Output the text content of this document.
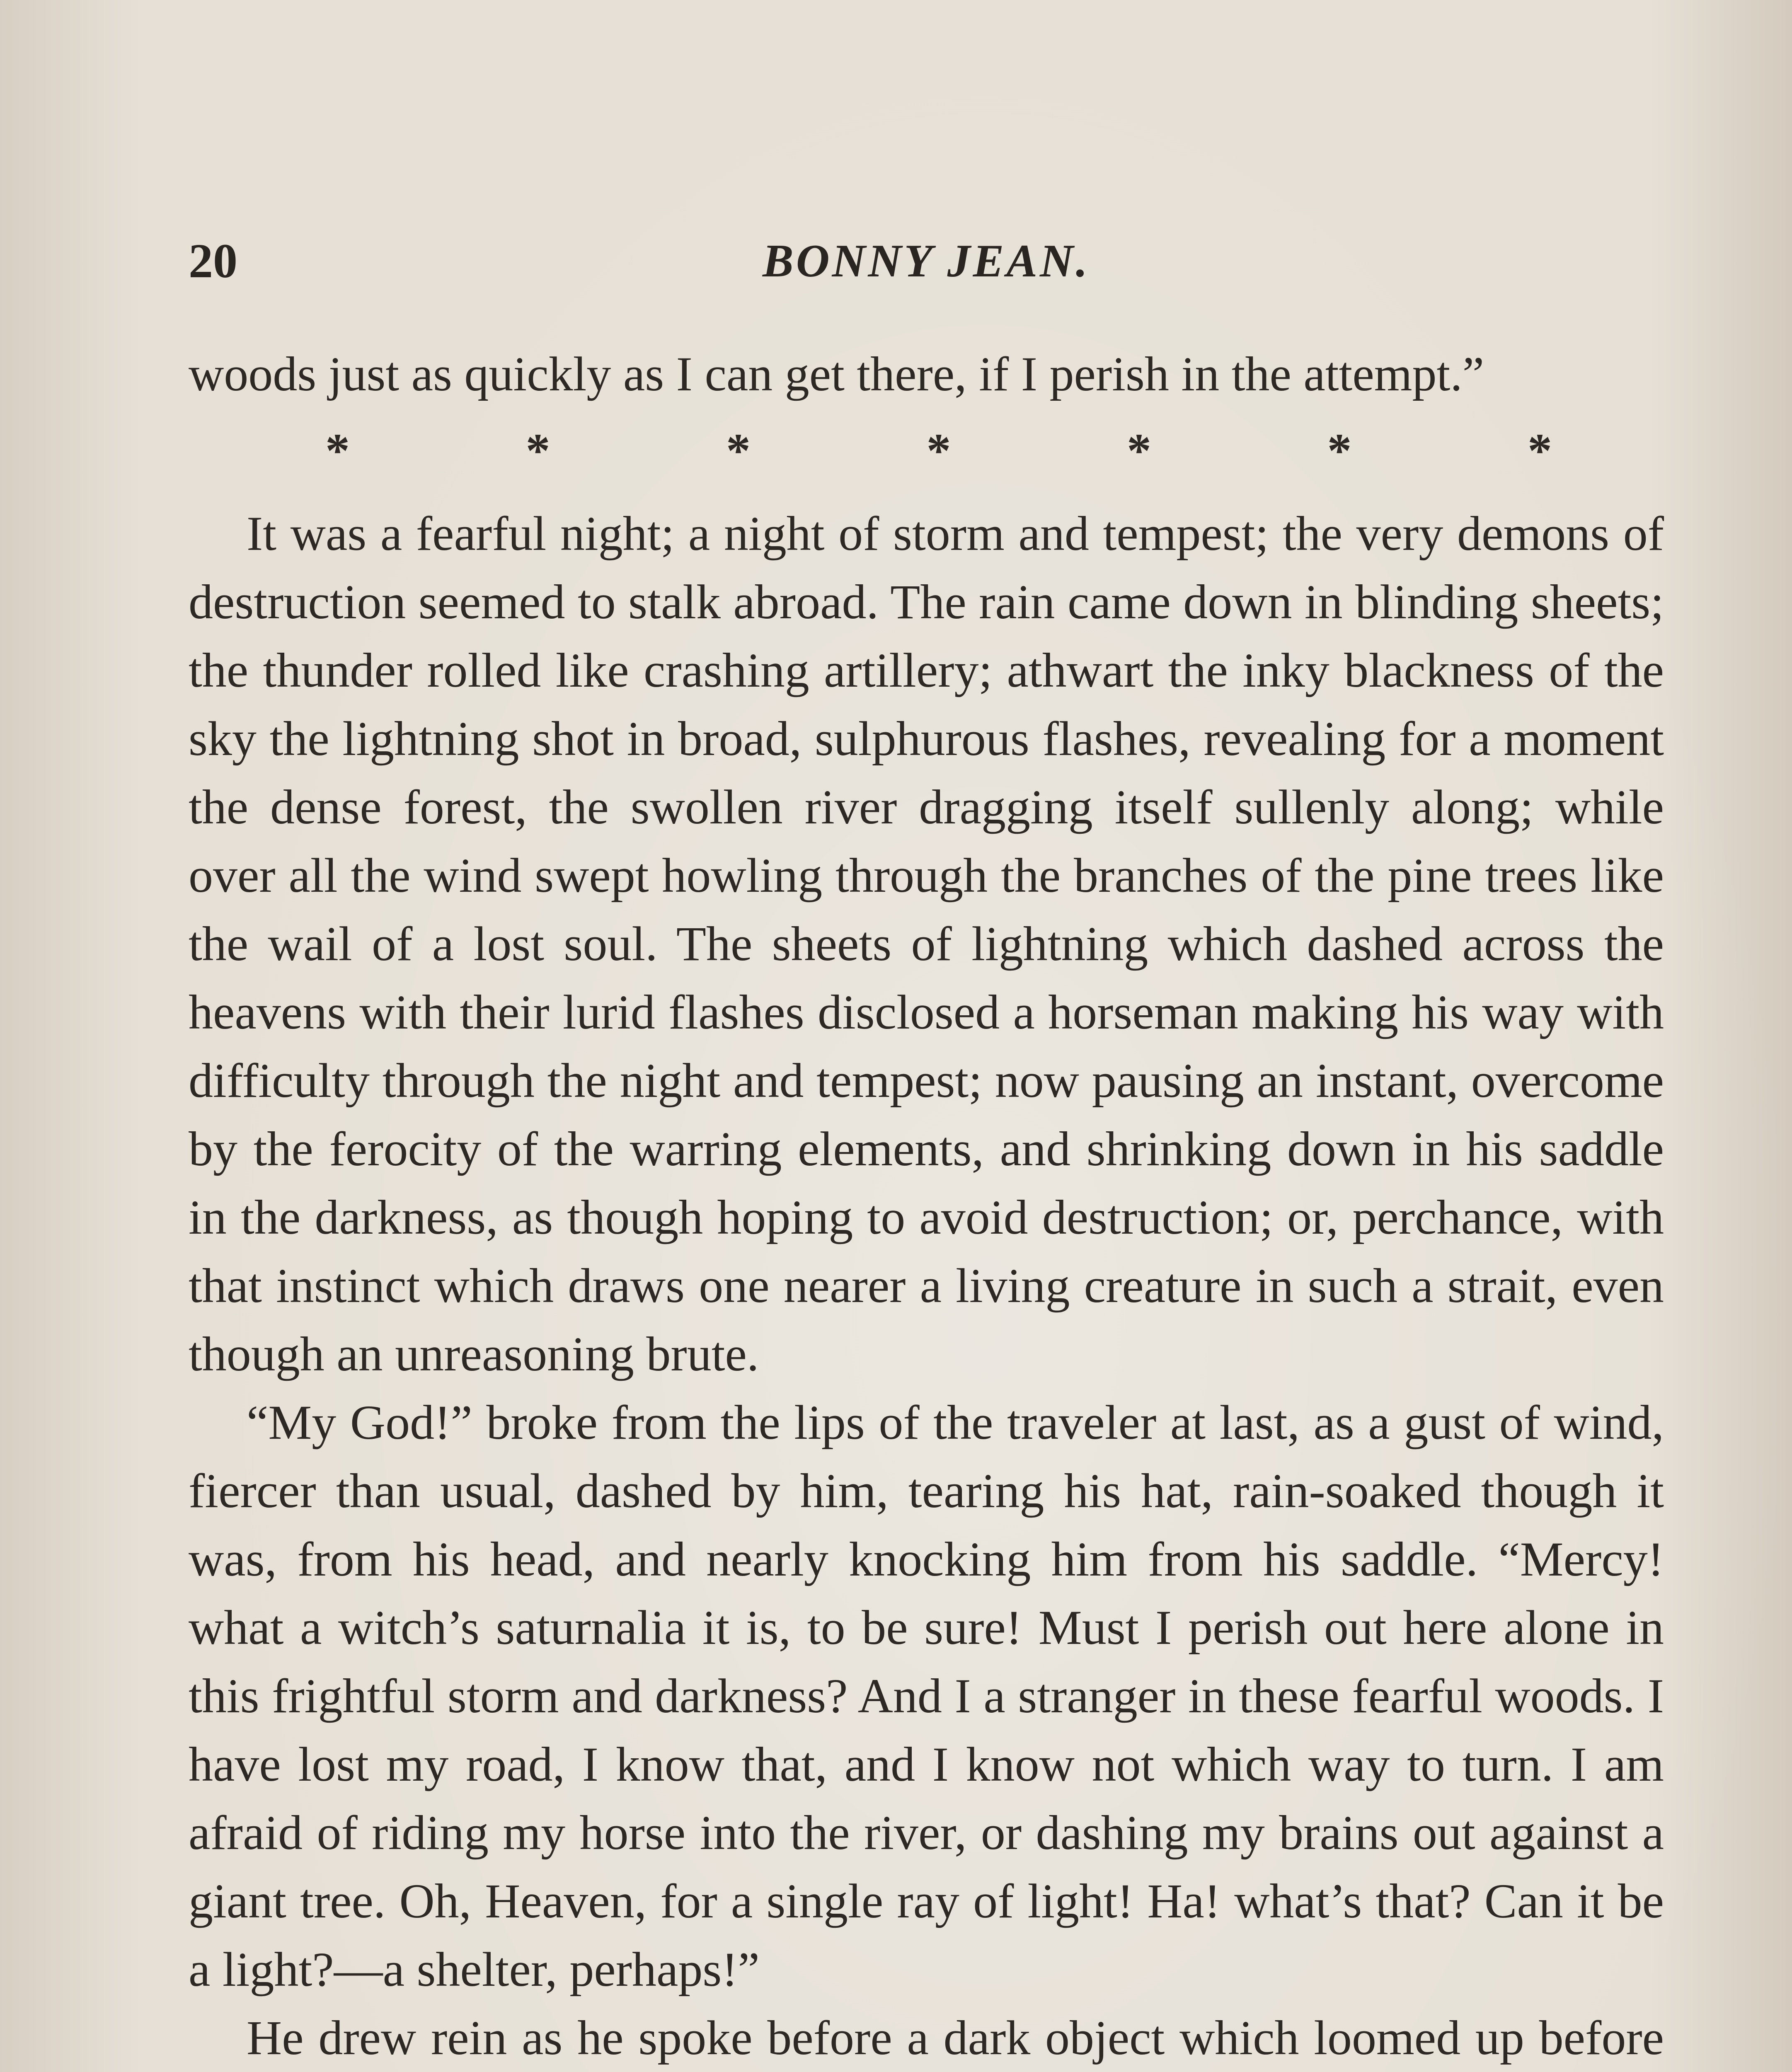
20	BONNY JEAN.

woods just as quickly as I can get there, if I perish in the attempt.”

*	*	*	*	*	*	*

It was a fearful night; a night of storm and tempest; the very demons of destruction seemed to stalk abroad. The rain came down in blinding sheets; the thunder rolled like crashing artillery; athwart the inky blackness of the sky the lightning shot in broad, sulphurous flashes, revealing for a moment the dense forest, the swollen river dragging itself sullenly along; while over all the wind swept howling through the branches of the pine trees like the wail of a lost soul. The sheets of lightning which dashed across the heavens with their lurid flashes disclosed a horseman making his way with difficulty through the night and tempest; now pausing an instant, overcome by the ferocity of the warring elements, and shrinking down in his saddle in the darkness, as though hoping to avoid destruction; or, perchance, with that instinct which draws one nearer a living creature in such a strait, even though an unreasoning brute.

“My God!” broke from the lips of the traveler at last, as a gust of wind, fiercer than usual, dashed by him, tearing his hat, rain-soaked though it was, from his head, and nearly knocking him from his saddle. “Mercy! what a witch’s saturnalia it is, to be sure! Must I perish out here alone in this frightful storm and darkness? And I a stranger in these fearful woods. I have lost my road, I know that, and I know not which way to turn. I am afraid of riding my horse into the river, or dashing my brains out against a giant tree. Oh, Heaven, for a single ray of light! Ha! what’s that? Can it be a light?—a shelter, perhaps!”

He drew rein as he spoke before a dark object which loomed up before
